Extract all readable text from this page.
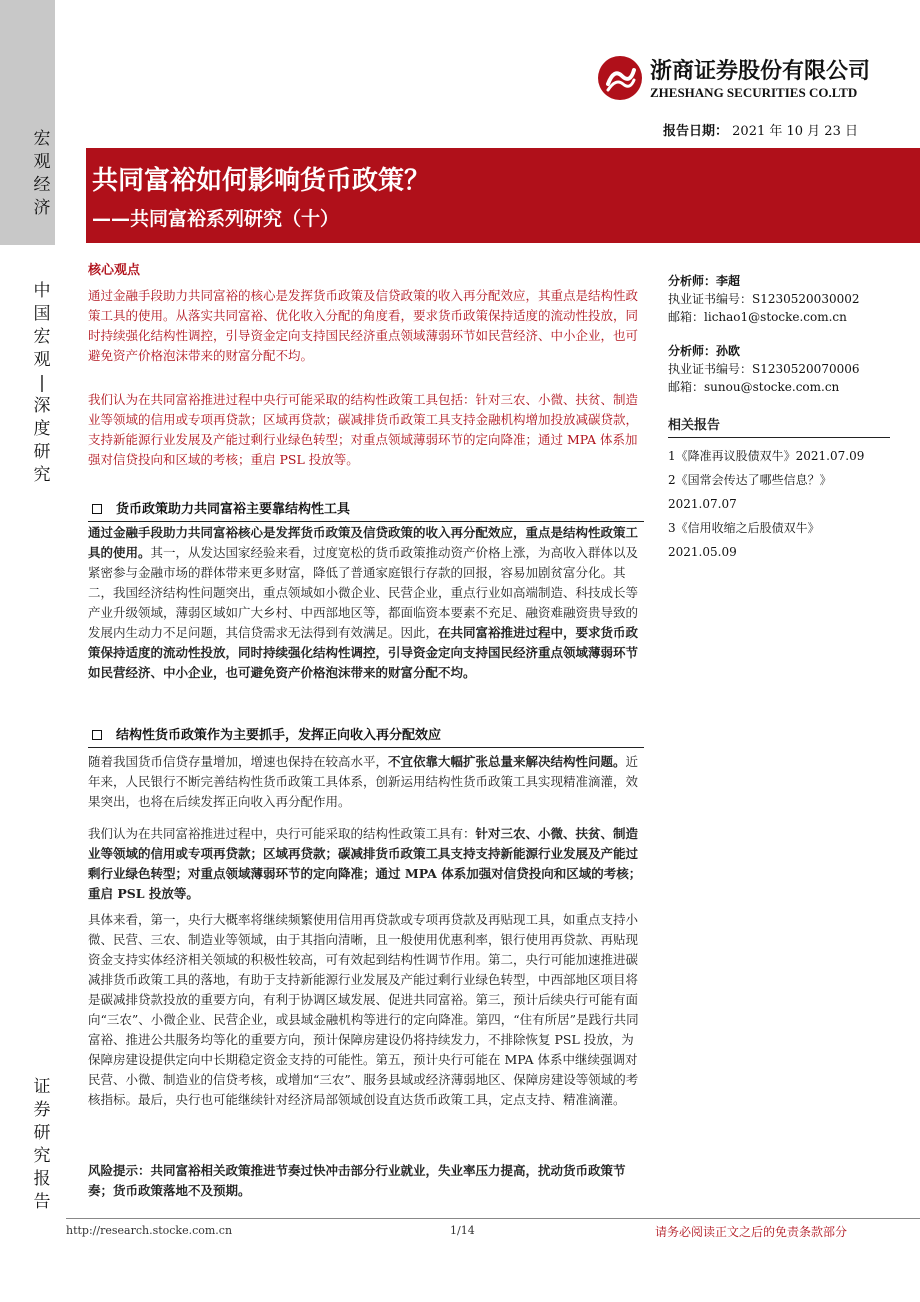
宏
观
经
济
中
国
宏
观
|
深
度
研
究
证
券
研
究
报
告
浙商证券股份有限公司
ZHESHANG SECURITIES CO.LTD
报告日期： 2021 年 10 月 23 日
共同富裕如何影响货币政策？
——共同富裕系列研究（十）
核心观点
通过金融手段助力共同富裕的核心是发挥货币政策及信贷政策的收入再分配效应，其重点是结构性政策工具的使用。从落实共同富裕、优化收入分配的角度看，要求货币政策保持适度的流动性投放，同时持续强化结构性调控，引导资金定向支持国民经济重点领域薄弱环节如民营经济、中小企业，也可避免资产价格泡沫带来的财富分配不均。
我们认为在共同富裕推进过程中央行可能采取的结构性政策工具包括：针对三农、小微、扶贫、制造业等领域的信用或专项再贷款；区域再贷款；碳减排货币政策工具支持金融机构增加投放减碳贷款，支持新能源行业发展及产能过剩行业绿色转型；对重点领域薄弱环节的定向降准；通过 MPA 体系加强对信贷投向和区域的考核；重启 PSL 投放等。
货币政策助力共同富裕主要靠结构性工具
通过金融手段助力共同富裕核心是发挥货币政策及信贷政策的收入再分配效应，重点是结构性政策工具的使用。其一，从发达国家经验来看，过度宽松的货币政策推动资产价格上涨，为高收入群体以及紧密参与金融市场的群体带来更多财富，降低了普通家庭银行存款的回报，容易加剧贫富分化。其二，我国经济结构性问题突出，重点领域如小微企业、民营企业，重点行业如高端制造、科技成长等产业升级领域，薄弱区域如广大乡村、中西部地区等，都面临资本要素不充足、融资难融资贵导致的发展内生动力不足问题，其信贷需求无法得到有效满足。因此，在共同富裕推进过程中，要求货币政策保持适度的流动性投放，同时持续强化结构性调控，引导资金定向支持国民经济重点领域薄弱环节如民营经济、中小企业，也可避免资产价格泡沫带来的财富分配不均。
结构性货币政策作为主要抓手，发挥正向收入再分配效应
随着我国货币信贷存量增加，增速也保持在较高水平，不宜依靠大幅扩张总量来解决结构性问题。近年来，人民银行不断完善结构性货币政策工具体系，创新运用结构性货币政策工具实现精准滴灌，效果突出，也将在后续发挥正向收入再分配作用。
我们认为在共同富裕推进过程中，央行可能采取的结构性政策工具有：针对三农、小微、扶贫、制造业等领域的信用或专项再贷款；区域再贷款；碳减排货币政策工具支持支持新能源行业发展及产能过剩行业绿色转型；对重点领域薄弱环节的定向降准；通过 MPA 体系加强对信贷投向和区域的考核；重启 PSL 投放等。
具体来看，第一，央行大概率将继续频繁使用信用再贷款或专项再贷款及再贴现工具，如重点支持小微、民营、三农、制造业等领域，由于其指向清晰，且一般使用优惠利率，银行使用再贷款、再贴现资金支持实体经济相关领域的积极性较高，可有效起到结构性调节作用。第二，央行可能加速推进碳减排货币政策工具的落地，有助于支持新能源行业发展及产能过剩行业绿色转型，中西部地区项目将是碳减排贷款投放的重要方向，有利于协调区域发展、促进共同富裕。第三，预计后续央行可能有面向“三农”、小微企业、民营企业，或县域金融机构等进行的定向降准。第四，“住有所居”是践行共同富裕、推进公共服务均等化的重要方向，预计保障房建设仍将持续发力，不排除恢复 PSL 投放，为保障房建设提供定向中长期稳定资金支持的可能性。第五，预计央行可能在 MPA 体系中继续强调对民营、小微、制造业的信贷考核，或增加“三农”、服务县域或经济薄弱地区、保障房建设等领域的考核指标。最后，央行也可能继续针对经济局部领域创设直达货币政策工具，定点支持、精准滴灌。
风险提示：共同富裕相关政策推进节奏过快冲击部分行业就业，失业率压力提高，扰动货币政策节奏；货币政策落地不及预期。
分析师：李超
执业证书编号：S1230520030002
邮箱：lichao1@stocke.com.cn
分析师：孙欧
执业证书编号：S1230520070006
邮箱：sunou@stocke.com.cn
相关报告
1《降准再议股债双牛》2021.07.09
2《国常会传达了哪些信息？》
2021.07.07
3《信用收缩之后股债双牛》
2021.05.09
http://research.stocke.com.cn	1/14	请务必阅读正文之后的免责条款部分
